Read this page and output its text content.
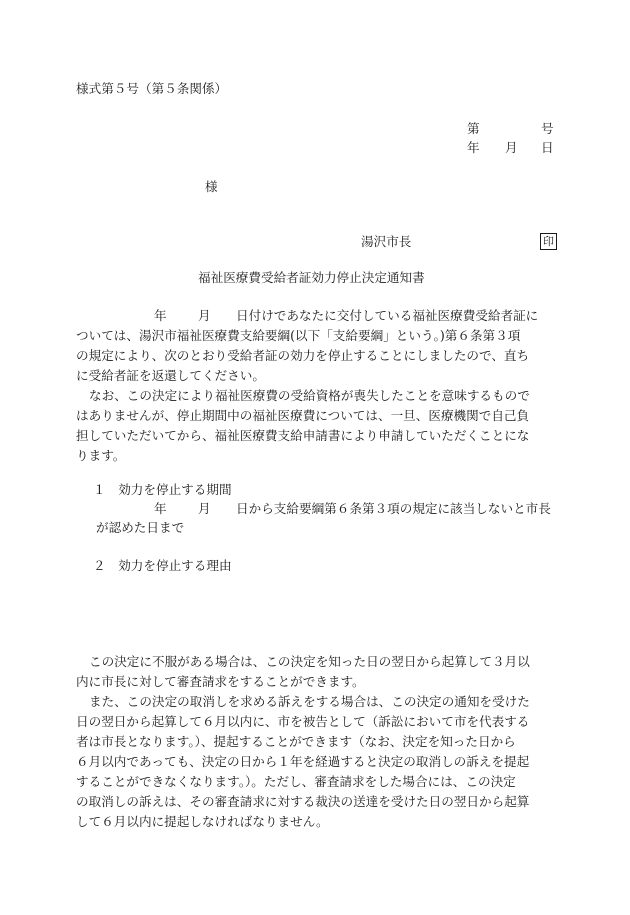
様式第５号（第５条関係）
第	号
年 月 日
様
湯沢市長	印
福祉医療費受給者証効力停止決定通知書
年 月 日付けであなたに交付している福祉医療費受給者証に
ついては、湯沢市福祉医療費支給要綱(以下「支給要綱」という。)第６条第３項
の規定により、次のとおり受給者証の効力を停止することにしましたので、直ち
に受給者証を返還してください。
なお、この決定により福祉医療費の受給資格が喪失したことを意味するもので
はありませんが、停止期間中の福祉医療費については、一旦、医療機関で自己負
担していただいてから、福祉医療費支給申請書により申請していただくことにな
ります。
１　効力を停止する期間
年 月 日から支給要綱第６条第３項の規定に該当しないと市長
が認めた日まで
２　効力を停止する理由
この決定に不服がある場合は、この決定を知った日の翌日から起算して３月以
内に市長に対して審査請求をすることができます。
また、この決定の取消しを求める訴えをする場合は、この決定の通知を受けた
日の翌日から起算して６月以内に、市を被告として（訴訟において市を代表する
者は市長となります。）、提起することができます（なお、決定を知った日から
６月以内であっても、決定の日から１年を経過すると決定の取消しの訴えを提起
することができなくなります。）。ただし、審査請求をした場合には、この決定
の取消しの訴えは、その審査請求に対する裁決の送達を受けた日の翌日から起算
して６月以内に提起しなければなりません。
